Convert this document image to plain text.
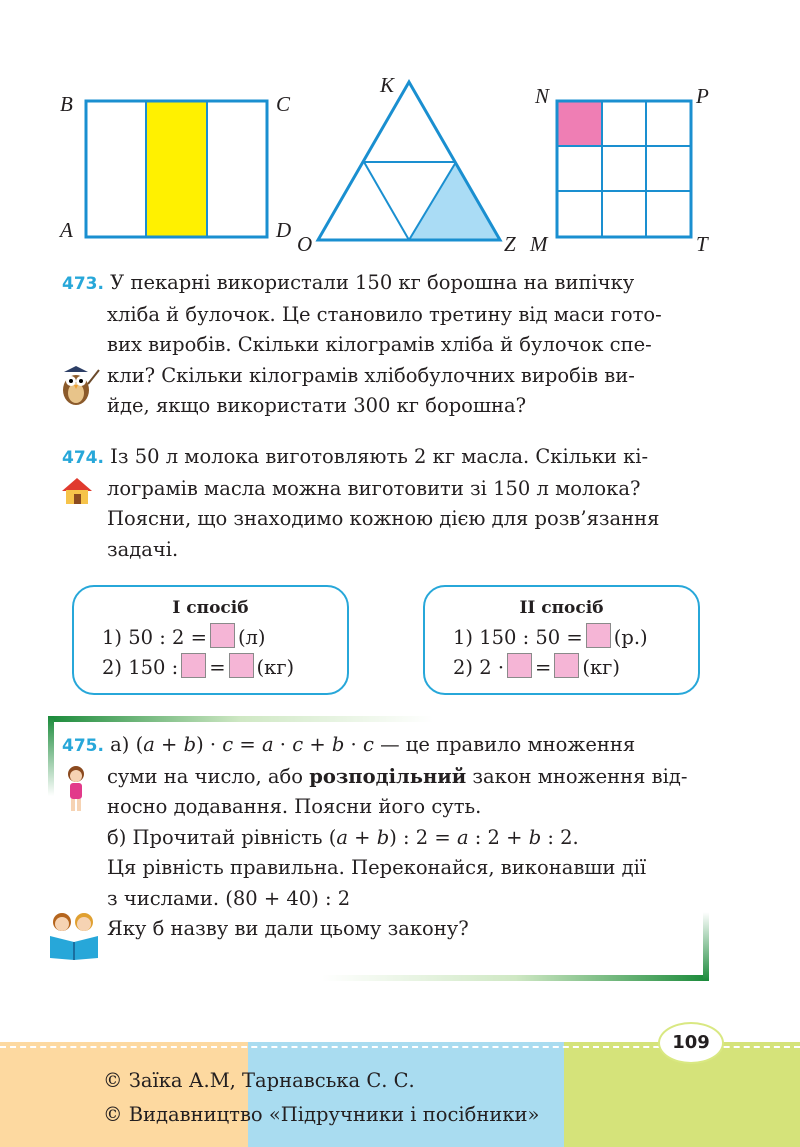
B	C
A	D
K
O	Z
N	P
M	T
473. У пекарні використали 150 кг борошна на випічку
хліба й булочок. Це становило третину від маси гото-
вих виробів. Скільки кілограмів хліба й булочок спе-
кли? Скільки кілограмів хлібобулочних виробів ви-
йде, якщо використати 300 кг борошна?
474. Із 50 л молока виготовляють 2 кг масла. Скільки кі-
лограмів масла можна виготовити зі 150 л молока?
Поясни, що знаходимо кожною дією для розв’язання
задачі.
I спосіб
1) 50 : 2 = (л)
2) 150 : = (кг)
II спосіб
1) 150 : 50 = (р.)
2) 2 · = (кг)
475. а) (a + b) · c = a · c + b · c — це правило множення
суми на число, або розподільний закон множення від-
носно додавання. Поясни його суть.
б) Прочитай рівність (a + b) : 2 = a : 2 + b : 2.
Ця рівність правильна. Переконайся, виконавши дії
з числами. (80 + 40) : 2
Яку б назву ви дали цьому закону?
© Заїка А.М, Тарнавська С. С.
© Видавництво «Підручники і посібники»
109
